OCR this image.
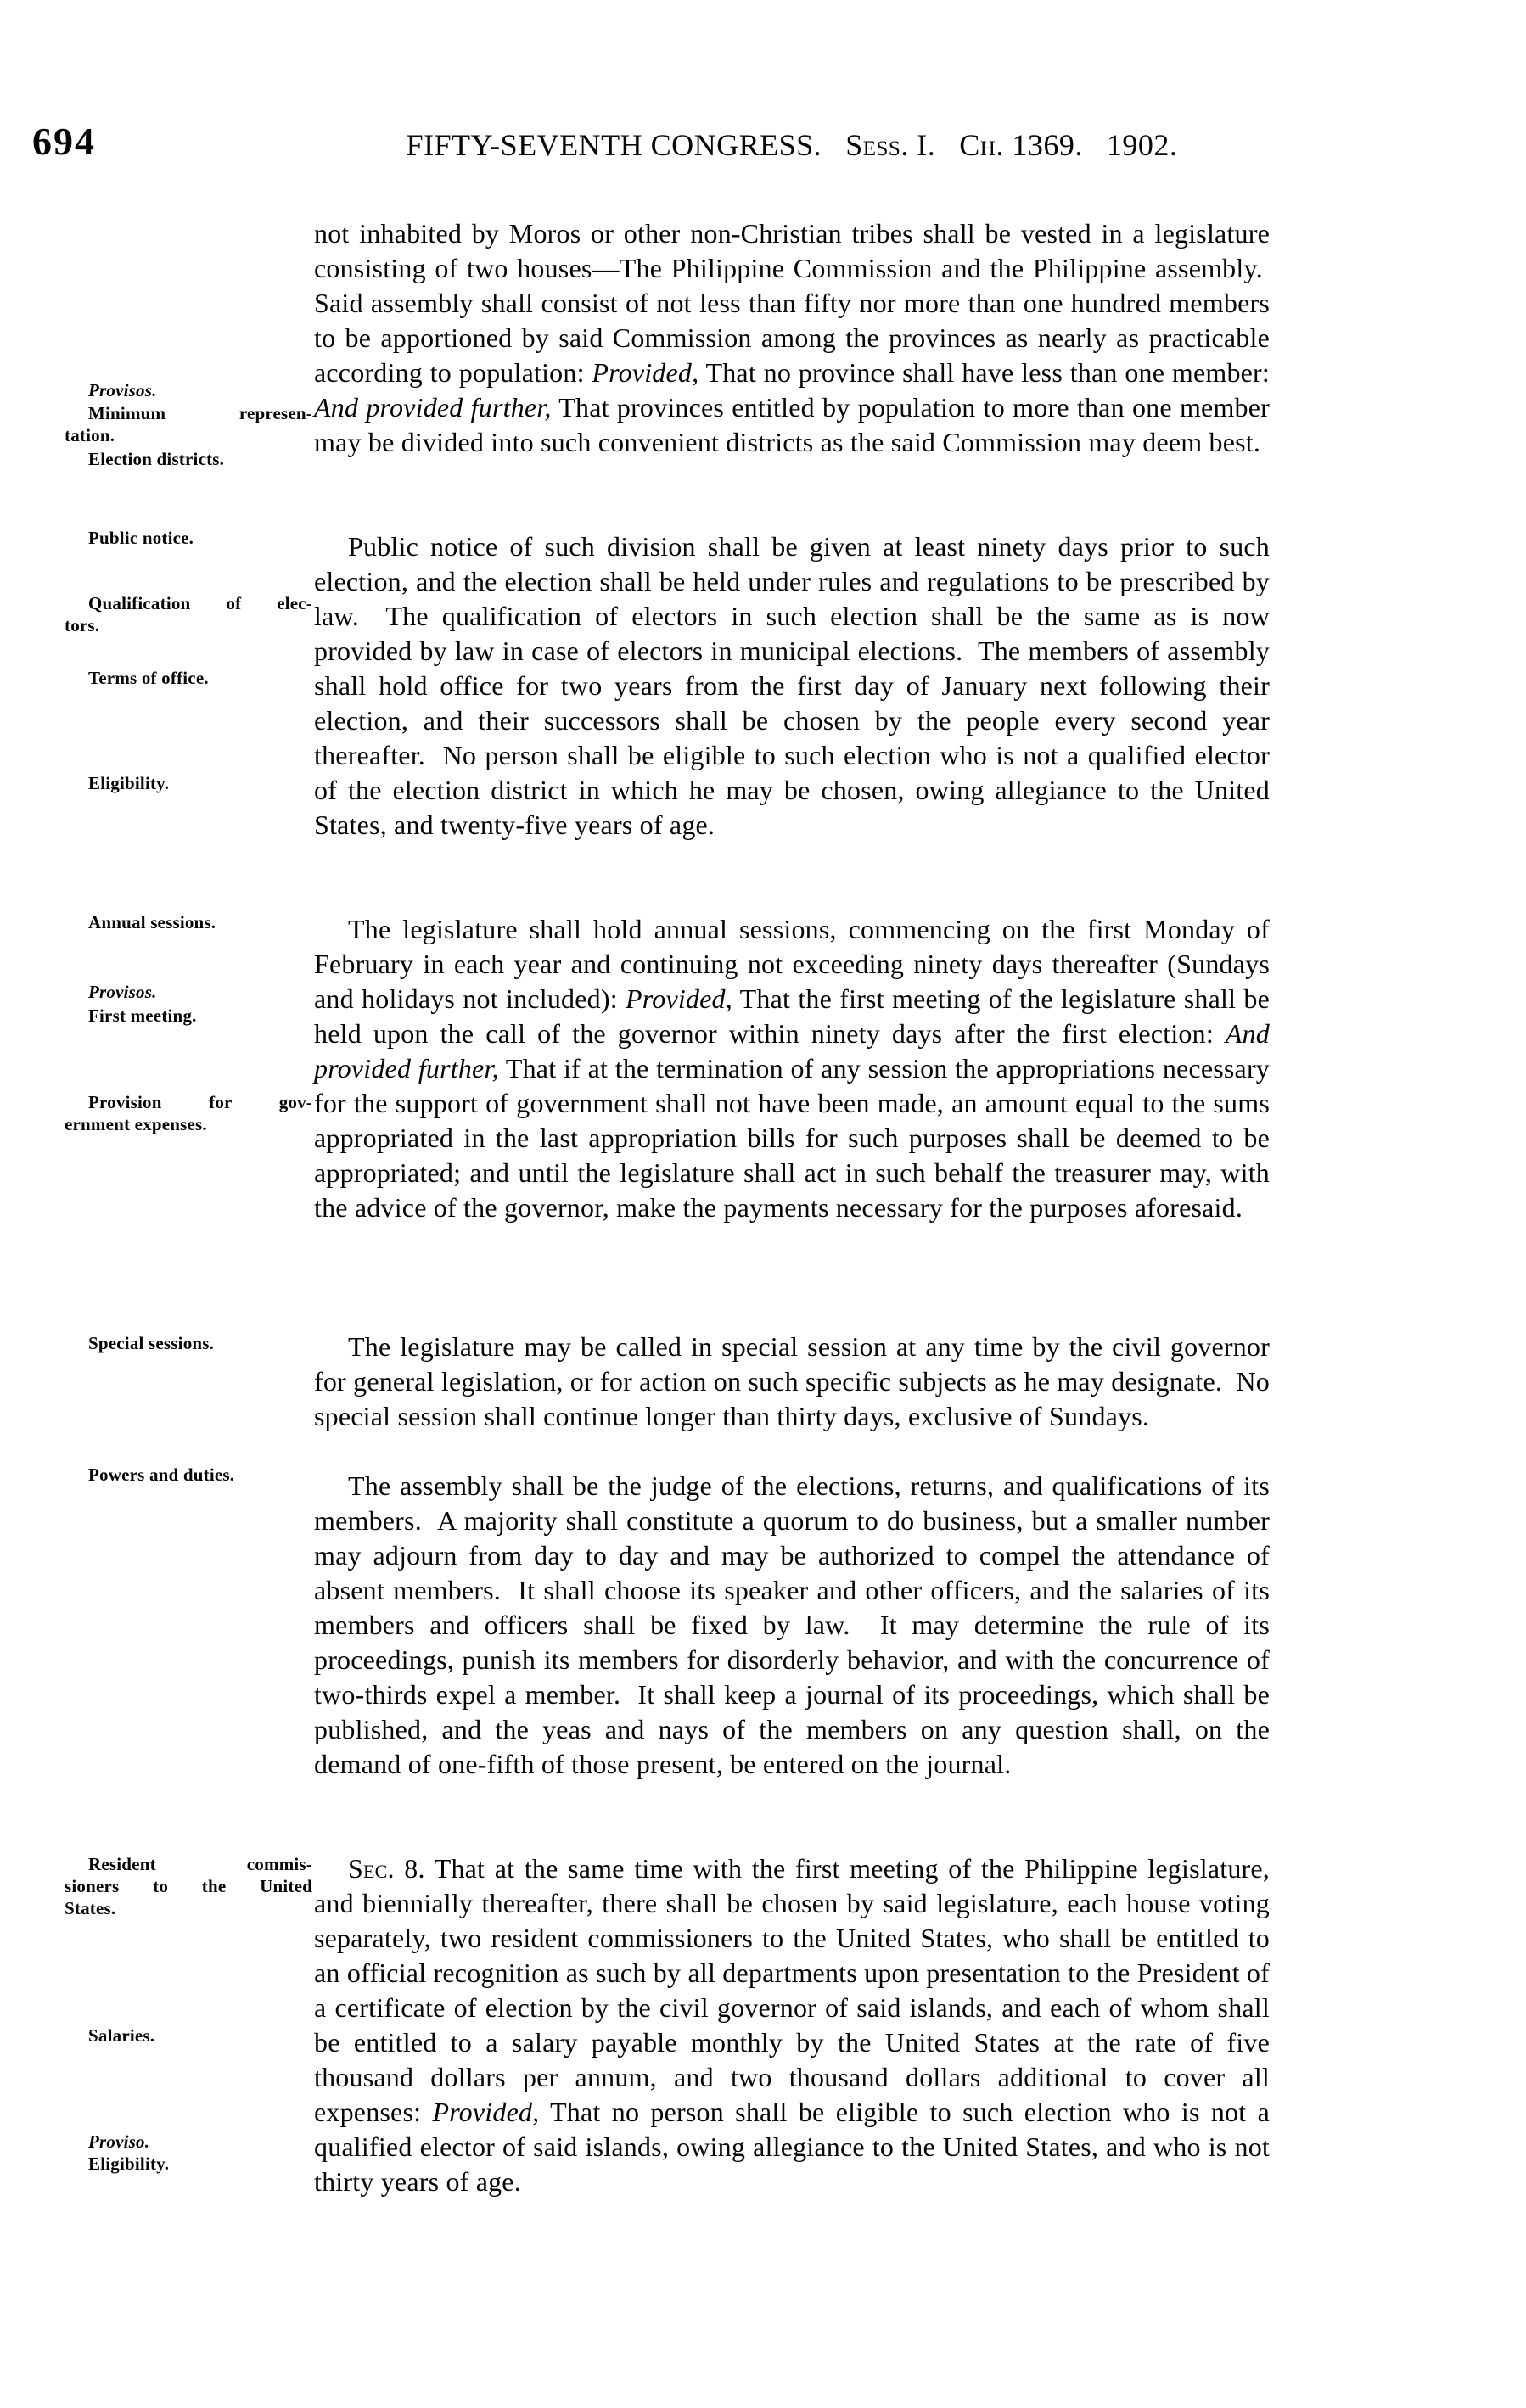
694	FIFTY-SEVENTH CONGRESS. Sess. I. Ch. 1369. 1902.
Provisos.
Minimum represen-
tation.
Election districts.
Public notice.
Qualification of elec-
tors.
Terms of office.
Eligibility.
Annual sessions.
Provisos.
First meeting.
Provision for gov-
ernment expenses.
Special sessions.
Powers and duties.
Resident commis-
sioners to the United
States.
Salaries.
Proviso.
Eligibility.

not inhabited by Moros or other non-Christian tribes shall be vested in a legislature consisting of two houses—The Philippine Commission and the Philippine assembly.  Said assembly shall consist of not less than fifty nor more than one hundred members to be apportioned by said Commission among the provinces as nearly as practicable according to population: Provided, That no province shall have less than one member: And provided further, That provinces entitled by population to more than one member may be divided into such convenient districts as the said Commission may deem best.

Public notice of such division shall be given at least ninety days prior to such election, and the election shall be held under rules and regulations to be prescribed by law.  The qualification of electors in such election shall be the same as is now provided by law in case of electors in municipal elections.  The members of assembly shall hold office for two years from the first day of January next following their election, and their successors shall be chosen by the people every second year thereafter.  No person shall be eligible to such election who is not a qualified elector of the election district in which he may be chosen, owing allegiance to the United States, and twenty-five years of age.

The legislature shall hold annual sessions, commencing on the first Monday of February in each year and continuing not exceeding ninety days thereafter (Sundays and holidays not included): Provided, That the first meeting of the legislature shall be held upon the call of the governor within ninety days after the first election: And provided further, That if at the termination of any session the appropriations necessary for the support of government shall not have been made, an amount equal to the sums appropriated in the last appropriation bills for such purposes shall be deemed to be appropriated; and until the legislature shall act in such behalf the treasurer may, with the advice of the governor, make the payments necessary for the purposes aforesaid.

The legislature may be called in special session at any time by the civil governor for general legislation, or for action on such specific subjects as he may designate.  No special session shall continue longer than thirty days, exclusive of Sundays.

The assembly shall be the judge of the elections, returns, and qualifications of its members.  A majority shall constitute a quorum to do business, but a smaller number may adjourn from day to day and may be authorized to compel the attendance of absent members.  It shall choose its speaker and other officers, and the salaries of its members and officers shall be fixed by law.  It may determine the rule of its proceedings, punish its members for disorderly behavior, and with the concurrence of two-thirds expel a member.  It shall keep a journal of its proceedings, which shall be published, and the yeas and nays of the members on any question shall, on the demand of one-fifth of those present, be entered on the journal.

Sec. 8. That at the same time with the first meeting of the Philippine legislature, and biennially thereafter, there shall be chosen by said legislature, each house voting separately, two resident commissioners to the United States, who shall be entitled to an official recognition as such by all departments upon presentation to the President of a certificate of election by the civil governor of said islands, and each of whom shall be entitled to a salary payable monthly by the United States at the rate of five thousand dollars per annum, and two thousand dollars additional to cover all expenses: Provided, That no person shall be eligible to such election who is not a qualified elector of said islands, owing allegiance to the United States, and who is not thirty years of age.
